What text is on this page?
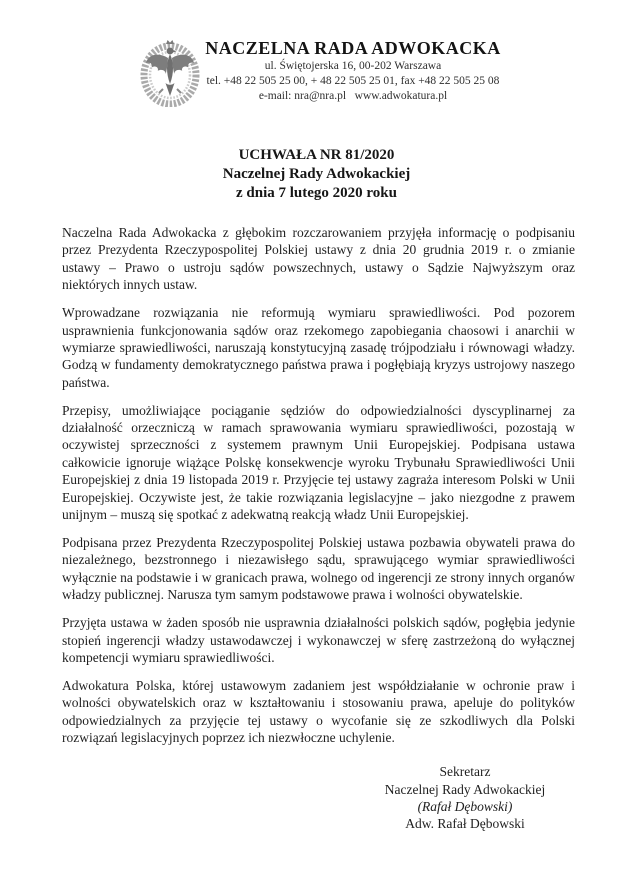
NACZELNA RADA ADWOKACKA
ul. Świętojerska 16, 00-202 Warszawa
tel. +48 22 505 25 00, + 48 22 505 25 01, fax +48 22 505 25 08
e-mail: nra@nra.pl   www.adwokatura.pl
UCHWAŁA NR 81/2020
Naczelnej Rady Adwokackiej
z dnia 7 lutego 2020 roku

Naczelna Rada Adwokacka z głębokim rozczarowaniem przyjęła informację o podpisaniu przez Prezydenta Rzeczypospolitej Polskiej ustawy z dnia 20 grudnia 2019 r. o zmianie ustawy – Prawo o ustroju sądów powszechnych, ustawy o Sądzie Najwyższym oraz niektórych innych ustaw.

Wprowadzane rozwiązania nie reformują wymiaru sprawiedliwości. Pod pozorem usprawnienia funkcjonowania sądów oraz rzekomego zapobiegania chaosowi i anarchii w wymiarze sprawiedliwości, naruszają konstytucyjną zasadę trójpodziału i równowagi władzy. Godzą w fundamenty demokratycznego państwa prawa i pogłębiają kryzys ustrojowy naszego państwa.

Przepisy, umożliwiające pociąganie sędziów do odpowiedzialności dyscyplinarnej za działalność orzeczniczą w ramach sprawowania wymiaru sprawiedliwości, pozostają w oczywistej sprzeczności z systemem prawnym Unii Europejskiej. Podpisana ustawa całkowicie ignoruje wiążące Polskę konsekwencje wyroku Trybunału Sprawiedliwości Unii Europejskiej z dnia 19 listopada 2019 r. Przyjęcie tej ustawy zagraża interesom Polski w Unii Europejskiej. Oczywiste jest, że takie rozwiązania legislacyjne – jako niezgodne z prawem unijnym – muszą się spotkać z adekwatną reakcją władz Unii Europejskiej.

Podpisana przez Prezydenta Rzeczypospolitej Polskiej ustawa pozbawia obywateli prawa do niezależnego, bezstronnego i niezawisłego sądu, sprawującego wymiar sprawiedliwości wyłącznie na podstawie i w granicach prawa, wolnego od ingerencji ze strony innych organów władzy publicznej. Narusza tym samym podstawowe prawa i wolności obywatelskie.

Przyjęta ustawa w żaden sposób nie usprawnia działalności polskich sądów, pogłębia jedynie stopień ingerencji władzy ustawodawczej i wykonawczej w sferę zastrzeżoną do wyłącznej kompetencji wymiaru sprawiedliwości.

Adwokatura Polska, której ustawowym zadaniem jest współdziałanie w ochronie praw i wolności obywatelskich oraz w kształtowaniu i stosowaniu prawa, apeluje do polityków odpowiedzialnych za przyjęcie tej ustawy o wycofanie się ze szkodliwych dla Polski rozwiązań legislacyjnych poprzez ich niezwłoczne uchylenie.

Sekretarz
Naczelnej Rady Adwokackiej
(Rafał Dębowski)
Adw. Rafał Dębowski
